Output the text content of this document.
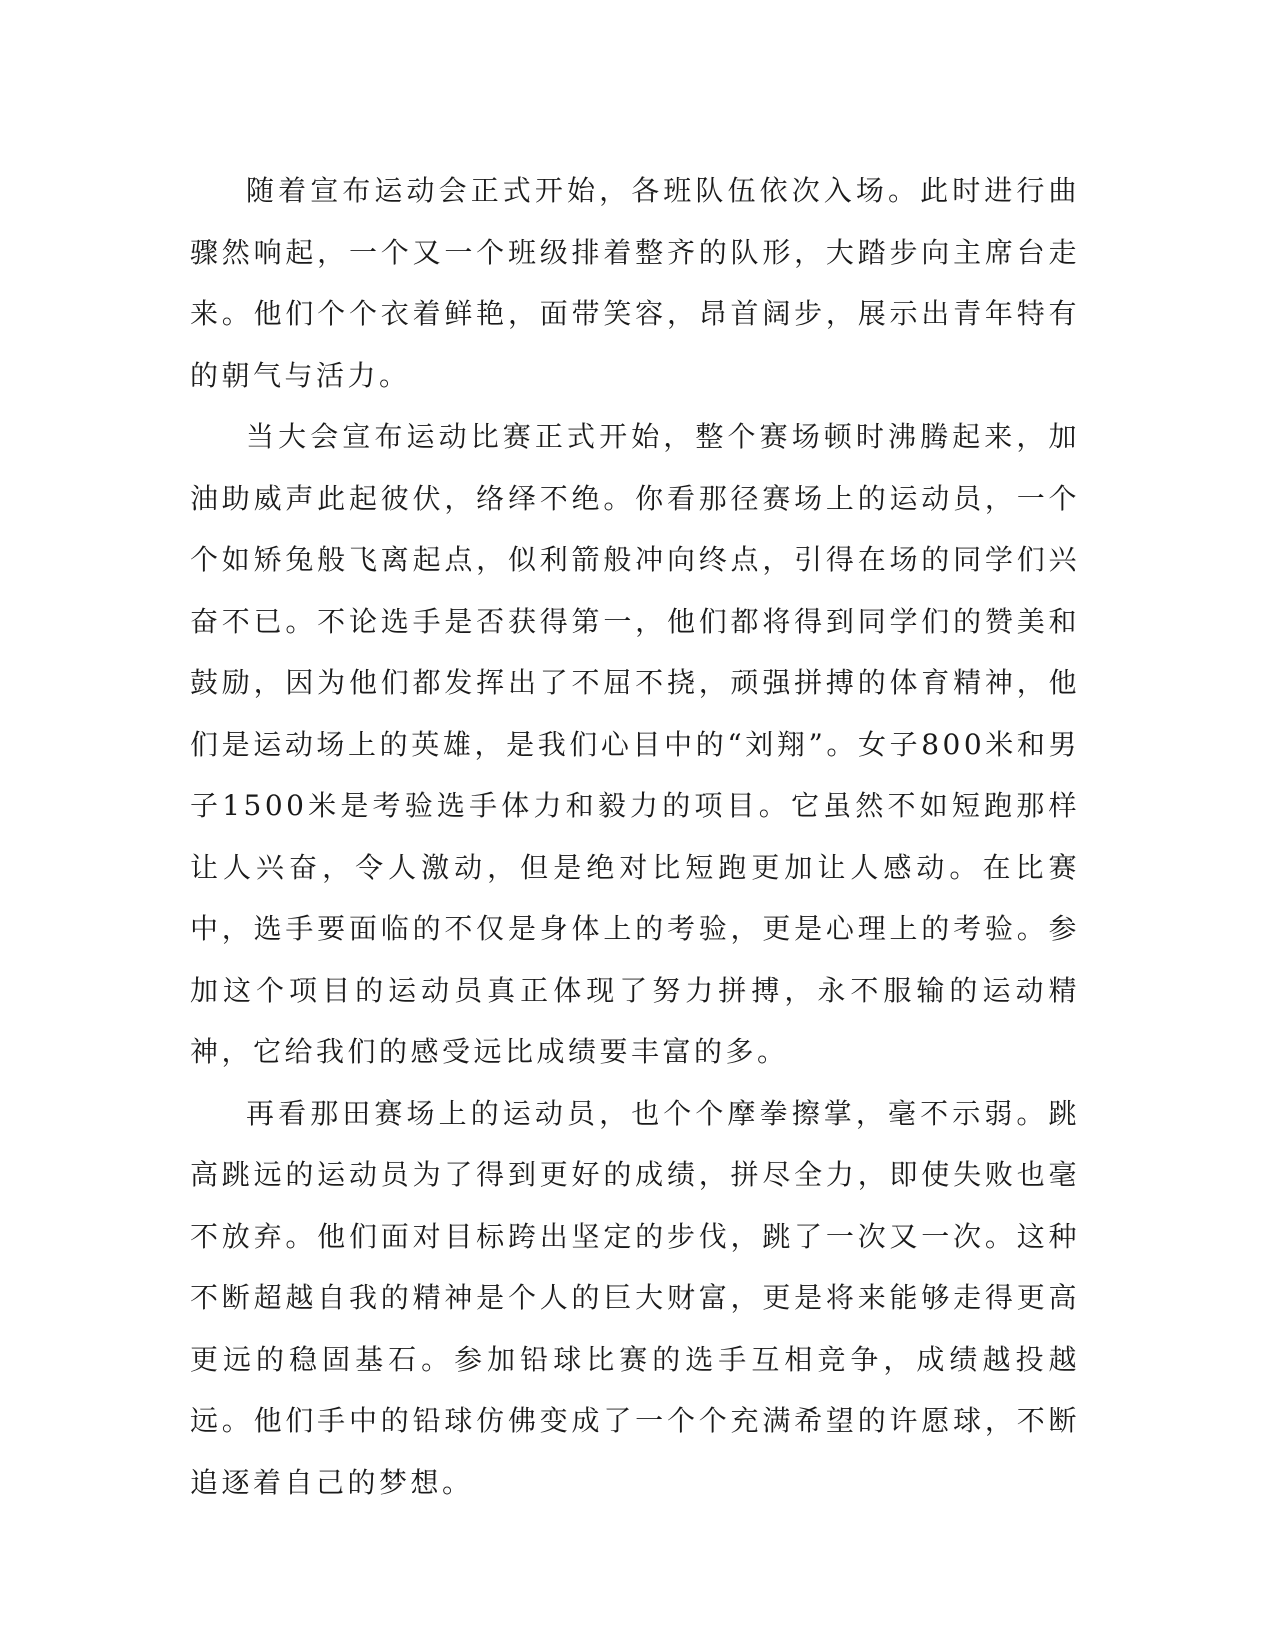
随着宣布运动会正式开始，各班队伍依次入场。此时进行曲骤然响起，一个又一个班级排着整齐的队形，大踏步向主席台走来。他们个个衣着鲜艳，面带笑容，昂首阔步，展示出青年特有的朝气与活力。

当大会宣布运动比赛正式开始，整个赛场顿时沸腾起来，加油助威声此起彼伏，络绎不绝。你看那径赛场上的运动员，一个个如矫兔般飞离起点，似利箭般冲向终点，引得在场的同学们兴奋不已。不论选手是否获得第一，他们都将得到同学们的赞美和鼓励，因为他们都发挥出了不屈不挠，顽强拼搏的体育精神，他们是运动场上的英雄，是我们心目中的“刘翔”。女子800米和男子1500米是考验选手体力和毅力的项目。它虽然不如短跑那样让人兴奋，令人激动，但是绝对比短跑更加让人感动。在比赛中，选手要面临的不仅是身体上的考验，更是心理上的考验。参加这个项目的运动员真正体现了努力拼搏，永不服输的运动精神，它给我们的感受远比成绩要丰富的多。

再看那田赛场上的运动员，也个个摩拳擦掌，毫不示弱。跳高跳远的运动员为了得到更好的成绩，拼尽全力，即使失败也毫不放弃。他们面对目标跨出坚定的步伐，跳了一次又一次。这种不断超越自我的精神是个人的巨大财富，更是将来能够走得更高更远的稳固基石。参加铅球比赛的选手互相竞争，成绩越投越远。他们手中的铅球仿佛变成了一个个充满希望的许愿球，不断追逐着自己的梦想。
